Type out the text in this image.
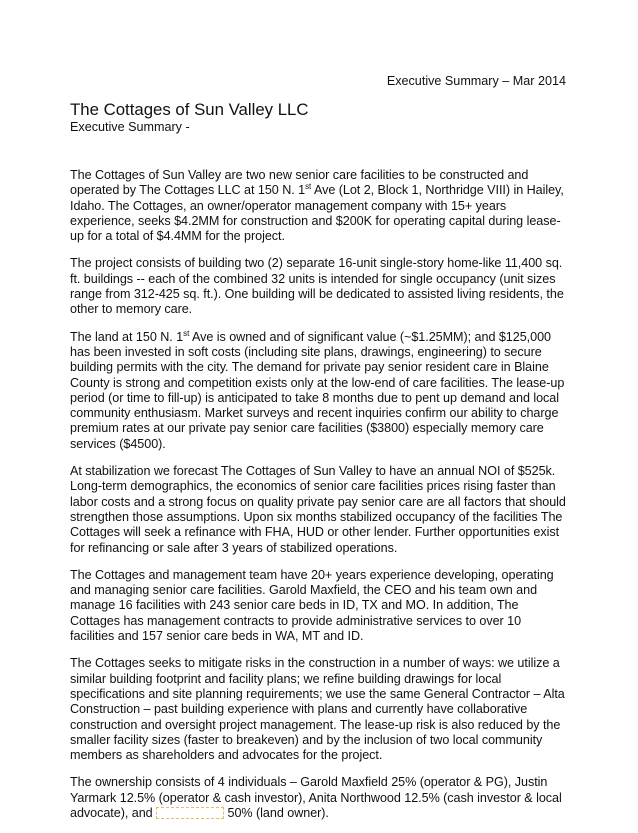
Executive Summary – Mar 2014
The Cottages of Sun Valley LLC
Executive Summary -

The Cottages of Sun Valley are two new senior care facilities to be constructed and operated by The Cottages LLC at 150 N. 1st Ave (Lot 2, Block 1, Northridge VIII) in Hailey, Idaho. The Cottages, an owner/operator management company with 15+ years experience, seeks $4.2MM for construction and $200K for operating capital during lease-up for a total of $4.4MM for the project.

The project consists of building two (2) separate 16-unit single-story home-like 11,400 sq. ft. buildings -- each of the combined 32 units is intended for single occupancy (unit sizes range from 312-425 sq. ft.). One building will be dedicated to assisted living residents, the other to memory care.

The land at 150 N. 1st Ave is owned and of significant value (~$1.25MM); and $125,000 has been invested in soft costs (including site plans, drawings, engineering) to secure building permits with the city. The demand for private pay senior resident care in Blaine County is strong and competition exists only at the low-end of care facilities. The lease-up period (or time to fill-up) is anticipated to take 8 months due to pent up demand and local community enthusiasm. Market surveys and recent inquiries confirm our ability to charge premium rates at our private pay senior care facilities ($3800) especially memory care services ($4500).

At stabilization we forecast The Cottages of Sun Valley to have an annual NOI of $525k. Long-term demographics, the economics of senior care facilities prices rising faster than labor costs and a strong focus on quality private pay senior care are all factors that should strengthen those assumptions. Upon six months stabilized occupancy of the facilities The Cottages will seek a refinance with FHA, HUD or other lender. Further opportunities exist for refinancing or sale after 3 years of stabilized operations.

The Cottages and management team have 20+ years experience developing, operating and managing senior care facilities. Garold Maxfield, the CEO and his team own and manage 16 facilities with 243 senior care beds in ID, TX and MO. In addition, The Cottages has management contracts to provide administrative services to over 10 facilities and 157 senior care beds in WA, MT and ID.

The Cottages seeks to mitigate risks in the construction in a number of ways: we utilize a similar building footprint and facility plans; we refine building drawings for local specifications and site planning requirements; we use the same General Contractor – Alta Construction – past building experience with plans and currently have collaborative construction and oversight project management. The lease-up risk is also reduced by the smaller facility sizes (faster to breakeven) and by the inclusion of two local community members as shareholders and advocates for the project.

The ownership consists of 4 individuals – Garold Maxfield 25% (operator & PG), Justin Yarmark 12.5% (operator & cash investor), Anita Northwood 12.5% (cash investor & local advocate), and	50% (land owner).
